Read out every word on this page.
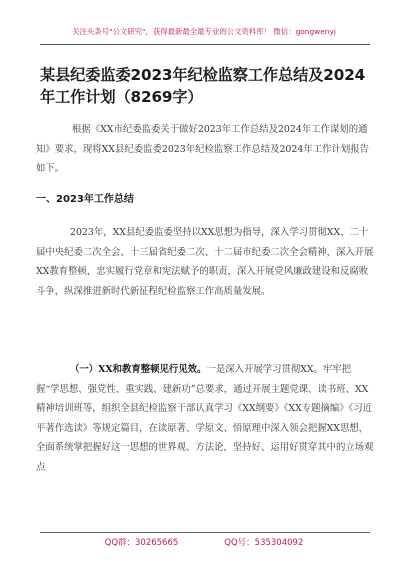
关注头条号"公文研究"，获得最新最全最专业的公文资料库！ 微信：gongwenyj
某县纪委监委2023年纪检监察工作总结及2024年工作计划（8269字）
根据《XX市纪委监委关于做好2023年工作总结及2024年工作谋划的通知》要求，现将XX县纪委监委2023年纪检监察工作总结及2024年工作计划报告如下。
一、2023年工作总结
2023年，XX县纪委监委坚持以XX思想为指导，深入学习贯彻XX、二十届中央纪委二次全会、十三届省纪委二次、十二届市纪委二次全会精神，深入开展XX教育整顿，忠实履行党章和宪法赋予的职责，深入开展党风廉政建设和反腐败斗争，纵深推进新时代新征程纪检监察工作高质量发展。
（一）XX和教育整顿见行见效。一是深入开展学习贯彻XX。牢牢把握“学思想、强党性、重实践、建新功”总要求，通过开展主题党课、读书班、XX精神培训班等，组织全县纪检监察干部认真学习《XX纲要》《XX专题摘编》《习近平著作选读》等规定篇目，在读原著、学原文、悟原理中深入领会把握XX思想，全面系统掌把握好这一思想的世界观、方法论，坚持好、运用好贯穿其中的立场观点
QQ群：30265665	QQ号：535304092
